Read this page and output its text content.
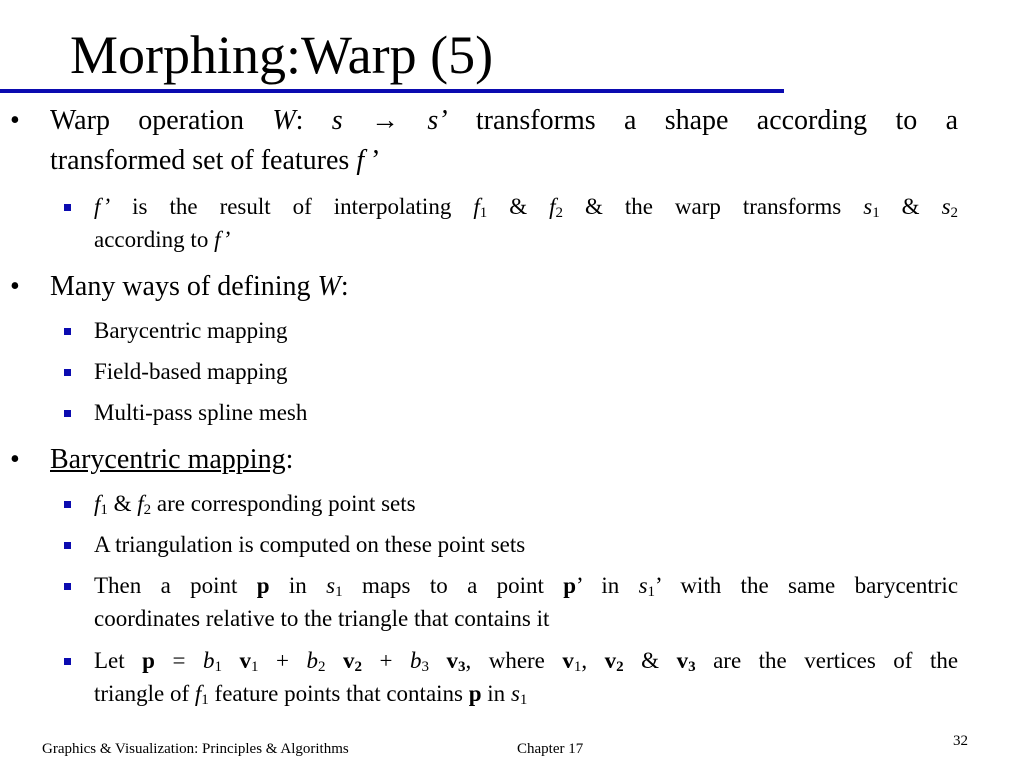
Morphing:Warp (5)
• Warp operation W: s → s’ transforms a shape according to a
transformed set of features f ’
f’ is the result of interpolating $f_1$ & $f_2$ & the warp transforms $s_1$ & $s_2$
according to f’
• Many ways of defining W:
Barycentric mapping
Field-based mapping
Multi-pass spline mesh
• Barycentric mapping:
$f_1$ & $f_2$ are corresponding point sets
A triangulation is computed on these point sets
Then a point p in $s_1$ maps to a point p’ in $s_1$’ with the same barycentric
coordinates relative to the triangle that contains it
Let $p = b_1$ $v_1 + b_2$ $v_2 + b_3$ $v_3$, where $v_1$, $v_2$ & $v_3$ are the vertices of the
triangle of $f_1$ feature points that contains p in $s_1$
Graphics & Visualization: Principles & Algorithms	Chapter 17	32
